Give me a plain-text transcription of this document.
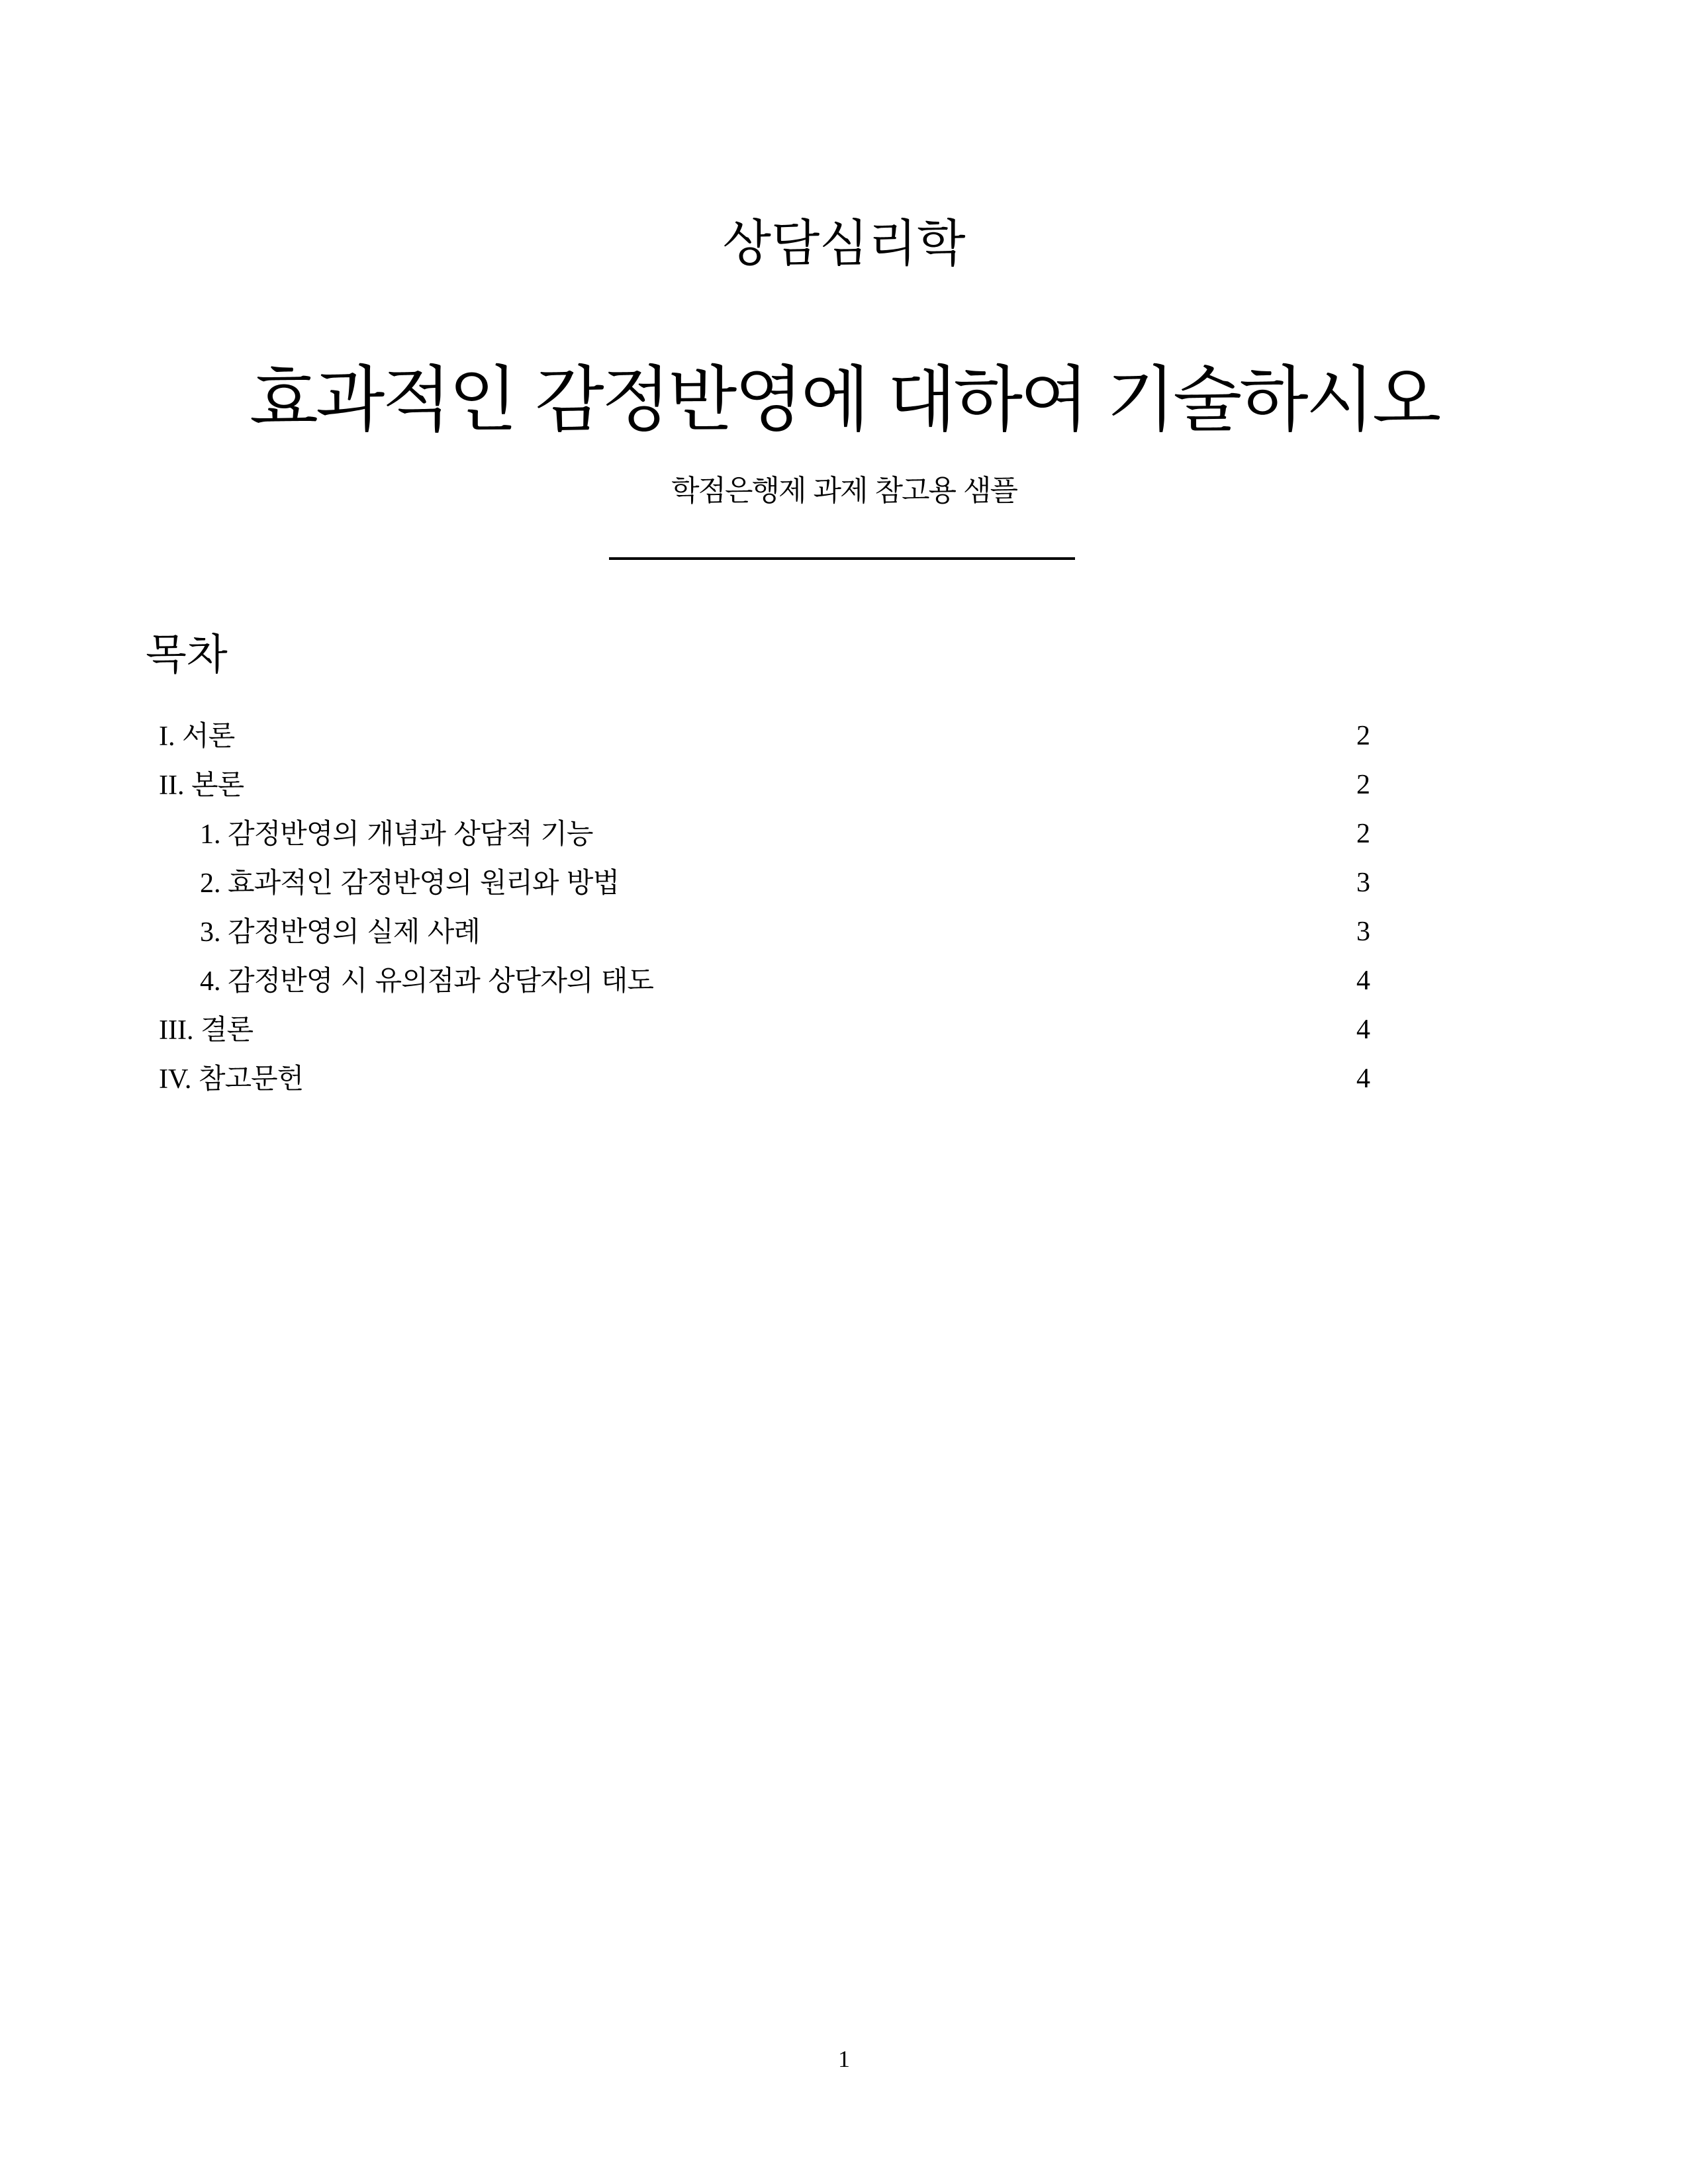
상담심리학
효과적인 감정반영에 대하여 기술하시오
학점은행제 과제 참고용 샘플
목차
I. 서론	2
II. 본론	2
1. 감정반영의 개념과 상담적 기능	2
2. 효과적인 감정반영의 원리와 방법	3
3. 감정반영의 실제 사례	3
4. 감정반영 시 유의점과 상담자의 태도	4
III. 결론	4
IV. 참고문헌	4
1
